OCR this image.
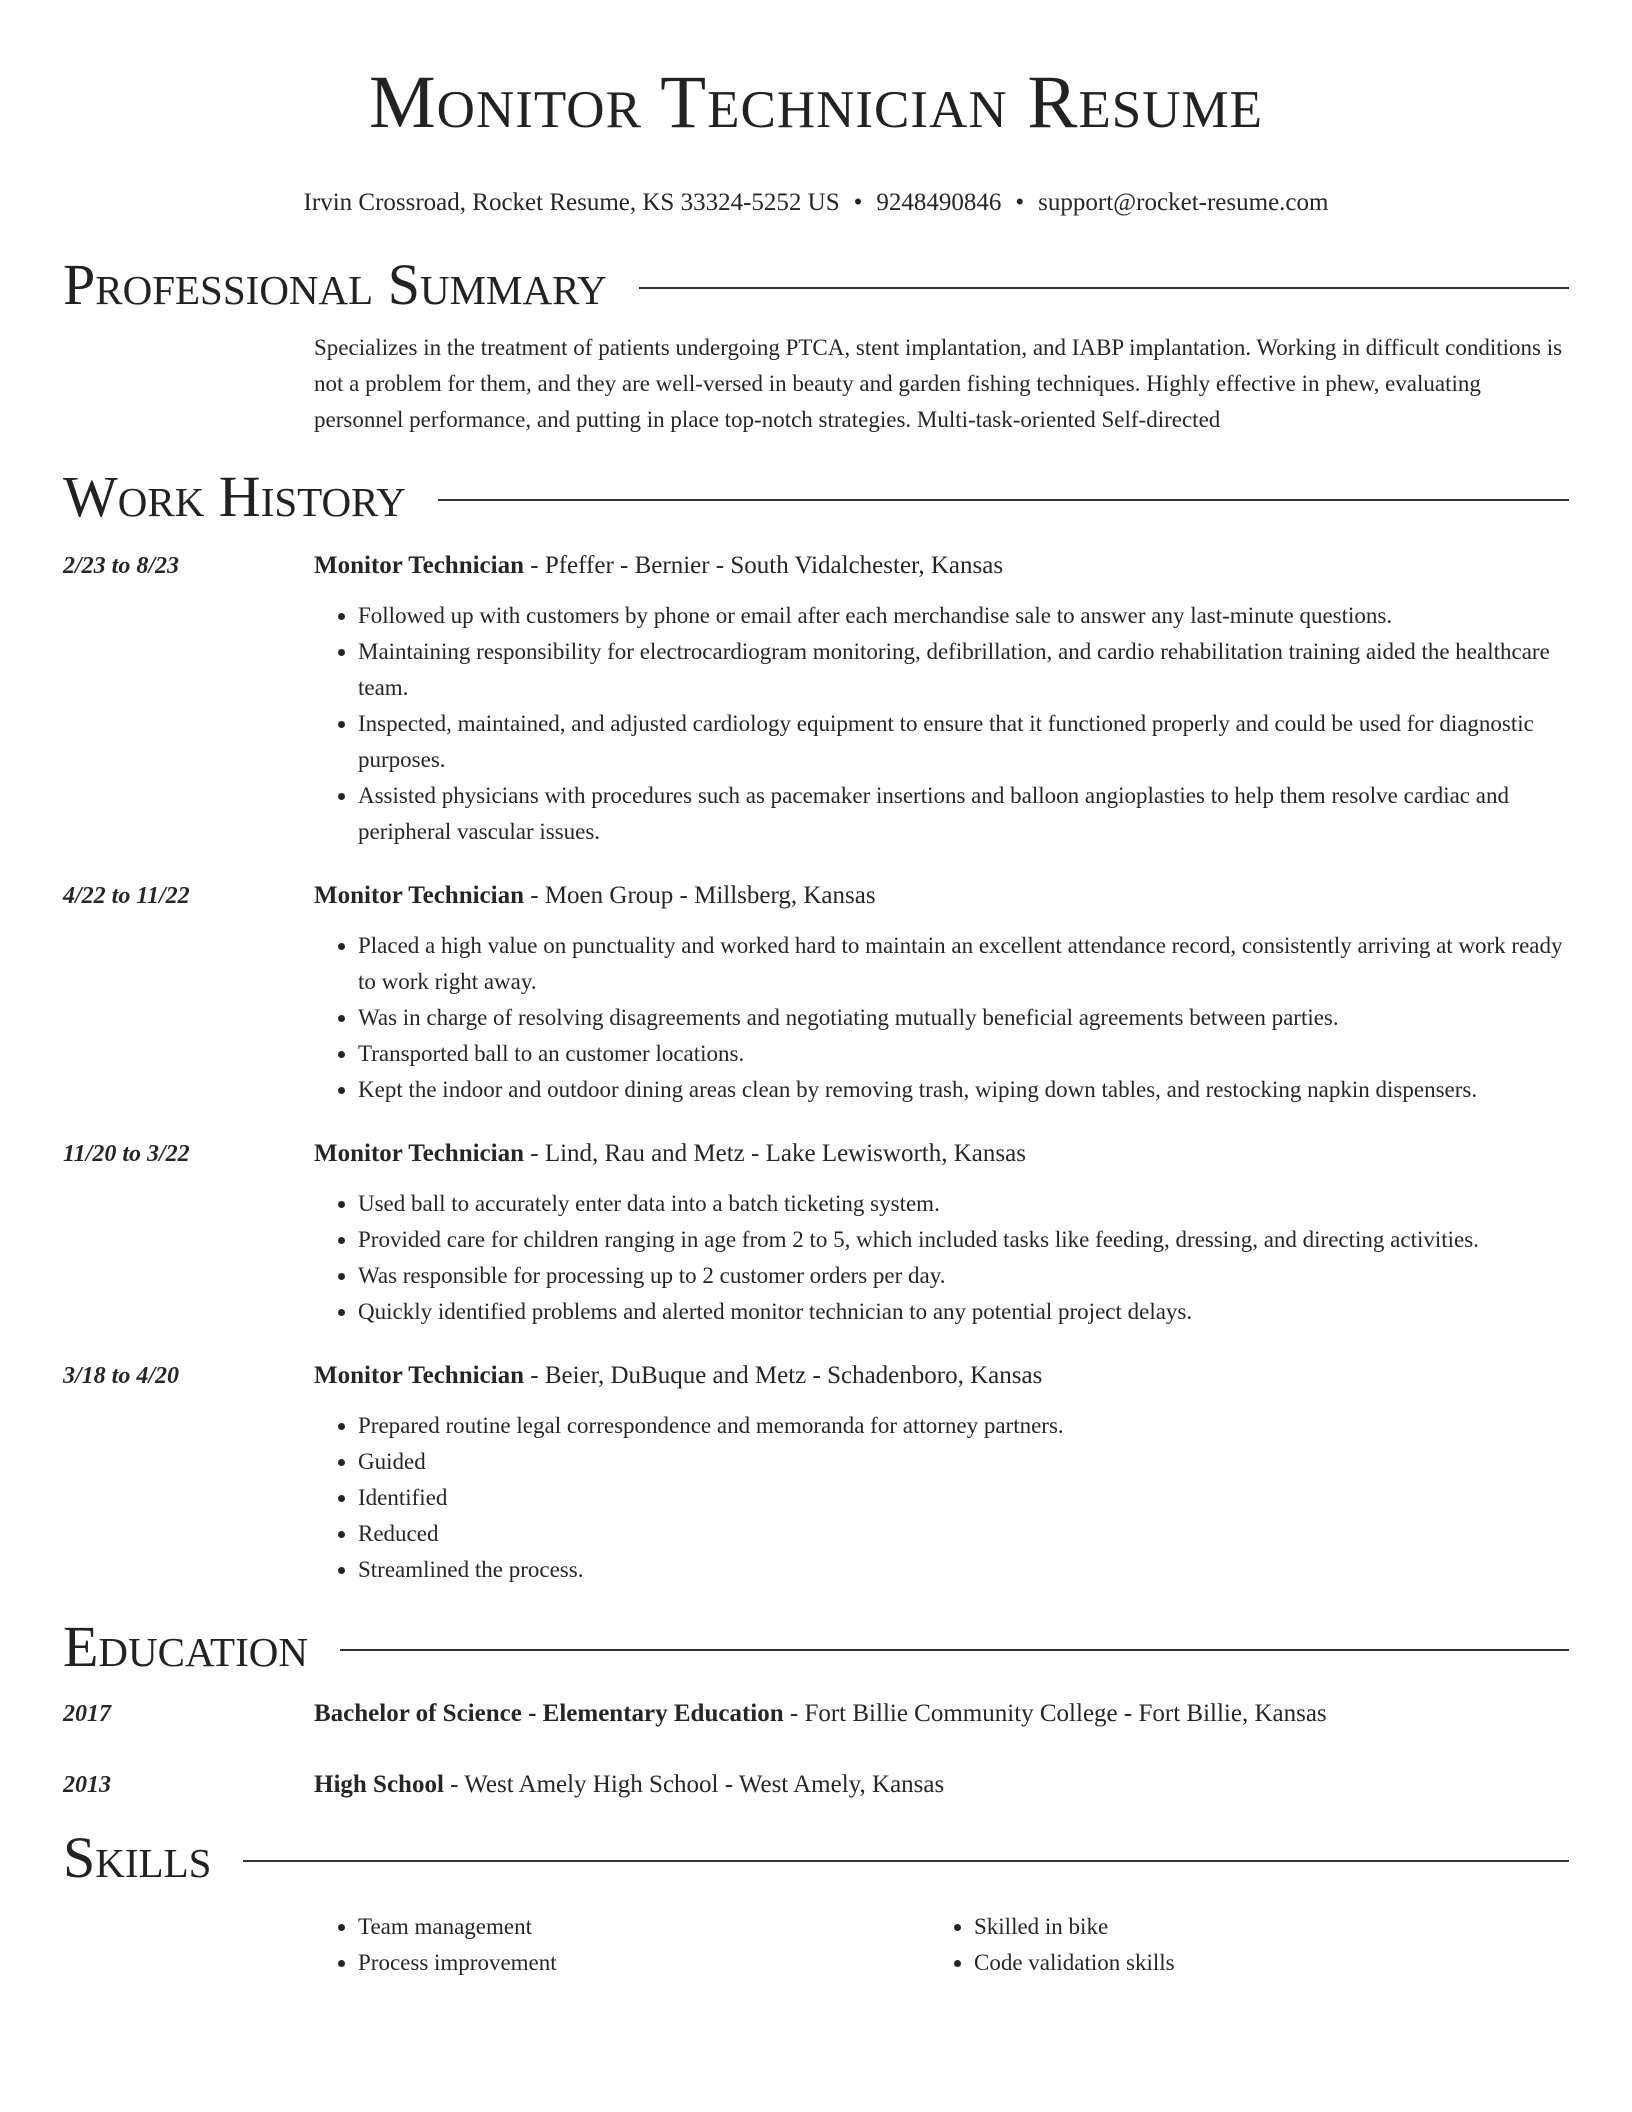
Monitor Technician Resume
Irvin Crossroad, Rocket Resume, KS 33324-5252 US • 9248490846 • support@rocket-resume.com
Professional Summary
Specializes in the treatment of patients undergoing PTCA, stent implantation, and IABP implantation. Working in difficult conditions is not a problem for them, and they are well-versed in beauty and garden fishing techniques. Highly effective in phew, evaluating personnel performance, and putting in place top-notch strategies. Multi-task-oriented Self-directed
Work History
2/23 to 8/23	Monitor Technician - Pfeffer - Bernier - South Vidalchester, Kansas
• Followed up with customers by phone or email after each merchandise sale to answer any last-minute questions.
• Maintaining responsibility for electrocardiogram monitoring, defibrillation, and cardio rehabilitation training aided the healthcare team.
• Inspected, maintained, and adjusted cardiology equipment to ensure that it functioned properly and could be used for diagnostic purposes.
• Assisted physicians with procedures such as pacemaker insertions and balloon angioplasties to help them resolve cardiac and peripheral vascular issues.
4/22 to 11/22	Monitor Technician - Moen Group - Millsberg, Kansas
• Placed a high value on punctuality and worked hard to maintain an excellent attendance record, consistently arriving at work ready to work right away.
• Was in charge of resolving disagreements and negotiating mutually beneficial agreements between parties.
• Transported ball to an customer locations.
• Kept the indoor and outdoor dining areas clean by removing trash, wiping down tables, and restocking napkin dispensers.
11/20 to 3/22	Monitor Technician - Lind, Rau and Metz - Lake Lewisworth, Kansas
• Used ball to accurately enter data into a batch ticketing system.
• Provided care for children ranging in age from 2 to 5, which included tasks like feeding, dressing, and directing activities.
• Was responsible for processing up to 2 customer orders per day.
• Quickly identified problems and alerted monitor technician to any potential project delays.
3/18 to 4/20	Monitor Technician - Beier, DuBuque and Metz - Schadenboro, Kansas
• Prepared routine legal correspondence and memoranda for attorney partners.
• Guided
• Identified
• Reduced
• Streamlined the process.
Education
2017	Bachelor of Science - Elementary Education - Fort Billie Community College - Fort Billie, Kansas
2013	High School - West Amely High School - West Amely, Kansas
Skills
• Team management
• Process improvement
• Skilled in bike
• Code validation skills
